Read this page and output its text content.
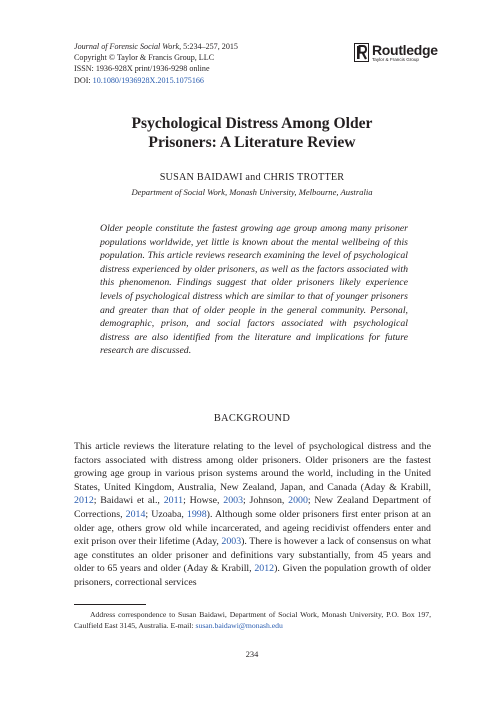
Journal of Forensic Social Work, 5:234–257, 2015
Copyright © Taylor & Francis Group, LLC
ISSN: 1936-928X print/1936-9298 online
DOI: 10.1080/1936928X.2015.1075166
Routledge
Taylor & Francis Group
Psychological Distress Among Older
Prisoners: A Literature Review
SUSAN BAIDAWI and CHRIS TROTTER
Department of Social Work, Monash University, Melbourne, Australia
Older people constitute the fastest growing age group among many prisoner populations worldwide, yet little is known about the mental wellbeing of this population. This article reviews research examining the level of psychological distress experienced by older prisoners, as well as the factors associated with this phenomenon. Findings suggest that older prisoners likely experience levels of psychological distress which are similar to that of younger prisoners and greater than that of older people in the general community. Personal, demographic, prison, and social factors associated with psychological distress are also identified from the literature and implications for future research are discussed.
BACKGROUND
This article reviews the literature relating to the level of psychological distress and the factors associated with distress among older prisoners. Older prisoners are the fastest growing age group in various prison systems around the world, including in the United States, United Kingdom, Australia, New Zealand, Japan, and Canada (Aday & Krabill, 2012; Baidawi et al., 2011; Howse, 2003; Johnson, 2000; New Zealand Department of Corrections, 2014; Uzoaba, 1998). Although some older prisoners first enter prison at an older age, others grow old while incarcerated, and ageing recidivist offenders enter and exit prison over their lifetime (Aday, 2003). There is however a lack of consensus on what age constitutes an older prisoner and definitions vary substantially, from 45 years and older to 65 years and older (Aday & Krabill, 2012). Given the population growth of older prisoners, correctional services
Address correspondence to Susan Baidawi, Department of Social Work, Monash University, P.O. Box 197, Caulfield East 3145, Australia. E-mail: susan.baidawi@monash.edu
234
